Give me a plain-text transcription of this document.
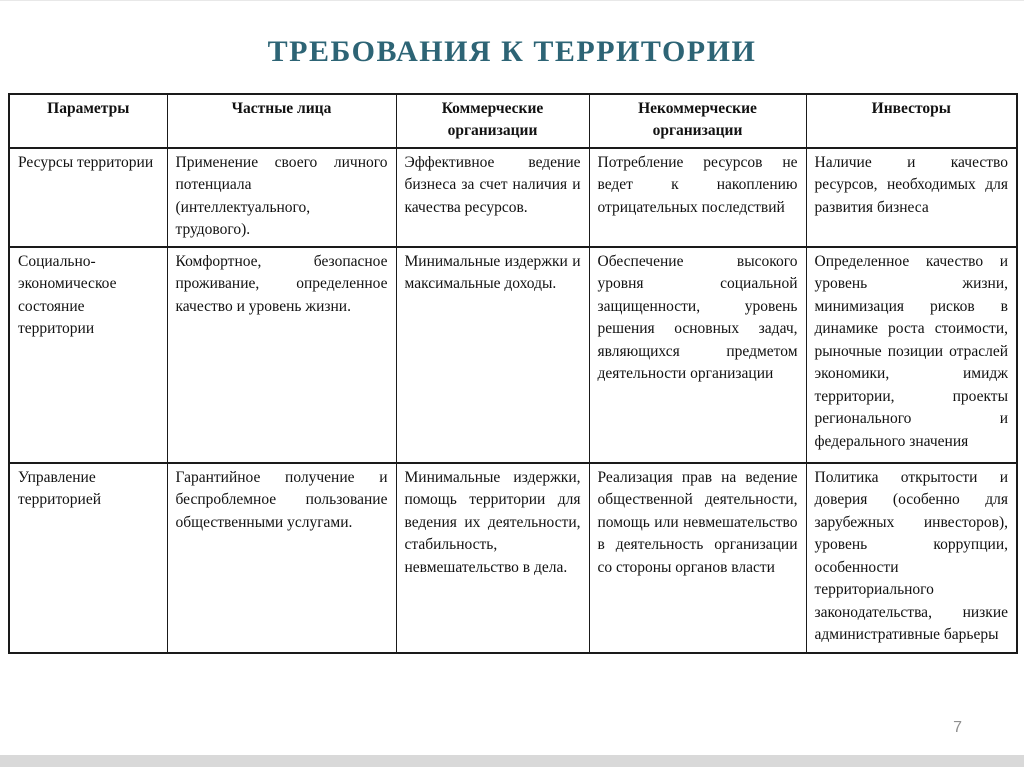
ТРЕБОВАНИЯ К ТЕРРИТОРИИ
Параметры	Частные лица	Коммерческие организации	Некоммерческие организации	Инвесторы
Ресурсы территории	Применение своего личного потенциала (интеллектуального, трудового).	Эффективное ведение бизнеса за счет наличия и качества ресурсов.	Потребление ресурсов не ведет к накоплению отрицательных последствий	Наличие и качество ресурсов, необходимых для развития бизнеса
Социально-экономическое состояние территории	Комфортное, безопасное проживание, определенное качество и уровень жизни.	Минимальные издержки и максимальные доходы.	Обеспечение высокого уровня социальной защищенности, уровень решения основных задач, являющихся предметом деятельности организации	Определенное качество и уровень жизни, минимизация рисков в динамике роста стоимости, рыночные позиции отраслей экономики, имидж территории, проекты регионального и федерального значения
Управление территорией	Гарантийное получение и беспроблемное пользование общественными услугами.	Минимальные издержки, помощь территории для ведения их деятельности, стабильность, невмешательство в дела.	Реализация прав на ведение общественной деятельности, помощь или невмешательство в деятельность организации со стороны органов власти	Политика открытости и доверия (особенно для зарубежных инвесторов), уровень коррупции, особенности территориального законодательства, низкие административные барьеры
7
